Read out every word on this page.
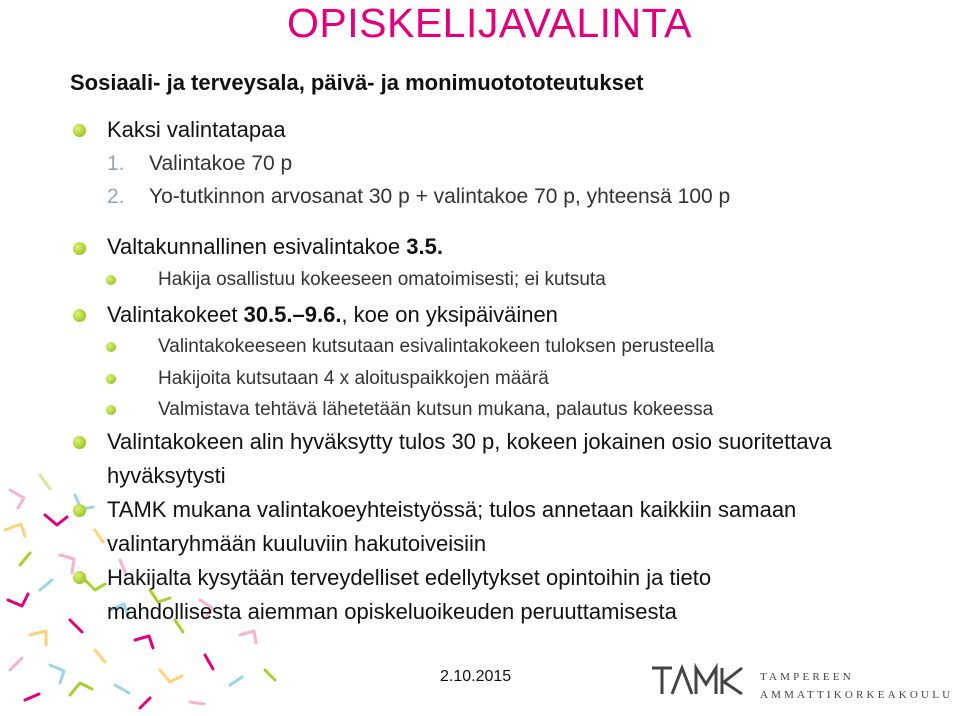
OPISKELIJAVALINTA
Sosiaali- ja terveysala, päivä- ja monimuotototeutukset
Kaksi valintatapaa
1. Valintakoe 70 p
2. Yo-tutkinnon arvosanat 30 p + valintakoe 70 p, yhteensä 100 p
Valtakunnallinen esivalintakoe 3.5.
Hakija osallistuu kokeeseen omatoimisesti; ei kutsuta
Valintakokeet 30.5.–9.6., koe on yksipäiväinen
Valintakokeeseen kutsutaan esivalintakokeen tuloksen perusteella
Hakijoita kutsutaan 4 x aloituspaikkojen määrä
Valmistava tehtävä lähetetään kutsun mukana, palautus kokeessa
Valintakokeen alin hyväksytty tulos 30 p, kokeen jokainen osio suoritettava
hyväksytysti
TAMK mukana valintakoeyhteistyössä; tulos annetaan kaikkiin samaan
valintaryhmään kuuluviin hakutoiveisiin
Hakijalta kysytään terveydelliset edellytykset opintoihin ja tieto
mahdollisesta aiemman opiskeluoikeuden peruuttamisesta
2.10.2015
TAMK
TAMPEREEN
AMMATTIKORKEAKOULU
